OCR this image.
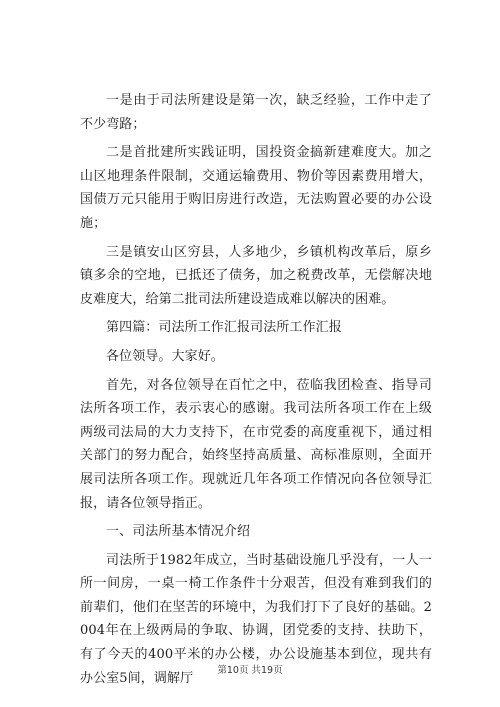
一是由于司法所建设是第一次，缺乏经验，工作中走了不少弯路；

二是首批建所实践证明，国投资金搞新建难度大。加之山区地理条件限制，交通运输费用、物价等因素费用增大，国债万元只能用于购旧房进行改造，无法购置必要的办公设施；

三是镇安山区穷县，人多地少，乡镇机构改革后，原乡镇多余的空地，已抵还了债务，加之税费改革，无偿解决地皮难度大，给第二批司法所建设造成难以解决的困难。

第四篇：司法所工作汇报司法所工作汇报

各位领导。大家好。

首先，对各位领导在百忙之中，莅临我团检查、指导司法所各项工作，表示衷心的感谢。我司法所各项工作在上级两级司法局的大力支持下，在市党委的高度重视下，通过相关部门的努力配合，始终坚持高质量、高标准原则，全面开展司法所各项工作。现就近几年各项工作情况向各位领导汇报，请各位领导指正。

一、司法所基本情况介绍

司法所于1982年成立，当时基础设施几乎没有，一人一所一间房，一桌一椅工作条件十分艰苦，但没有难到我们的前辈们，他们在坚苦的环境中，为我们打下了良好的基础。2004年在上级两局的争取、协调，团党委的支持、扶助下，有了今天的400平米的办公楼，办公设施基本到位，现共有办公室5间，调解厅

第10页 共19页
